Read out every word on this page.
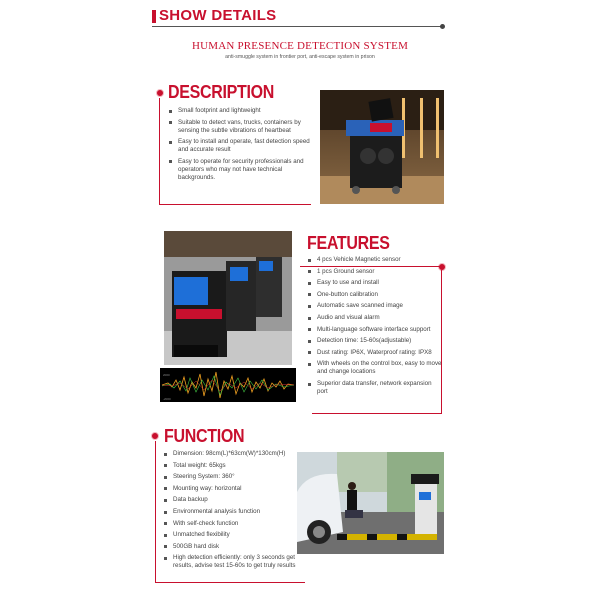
SHOW DETAILS
HUMAN PRESENCE DETECTION SYSTEM
anti-smuggle system in frontier port, anti-escape system in prison
DESCRIPTION
Small footprint and lightweight
Suitable to detect vans, trucks, containers by sensing the subtle vibrations of heartbeat
Easy to install and operate, fast detection speed and accurate result
Easy to operate for security professionals and operators who may not have technical backgrounds.
2000
-2000
FEATURES
4 pcs Vehicle Magnetic sensor
1 pcs Ground sensor
Easy to use and install
One-button calibration
Automatic save scanned image
Audio and visual alarm
Multi-language software interface support
Detection time: 15-60s(adjustable)
Dust rating: IP6X, Waterproof rating: IPX8
With wheels on the control box, easy to move and change locations
Superior data transfer, network expansion port
FUNCTION
Dimension: 98cm(L)*63cm(W)*130cm(H)
Total weight: 65kgs
Steering System: 360°
Mounting way: horizontal
Data backup
Environmental analysis function
With self-check function
Unmatched flexibility
500GB hard disk
High detection efficiently: only 3 seconds get results, advise test 15-60s to get truly results
